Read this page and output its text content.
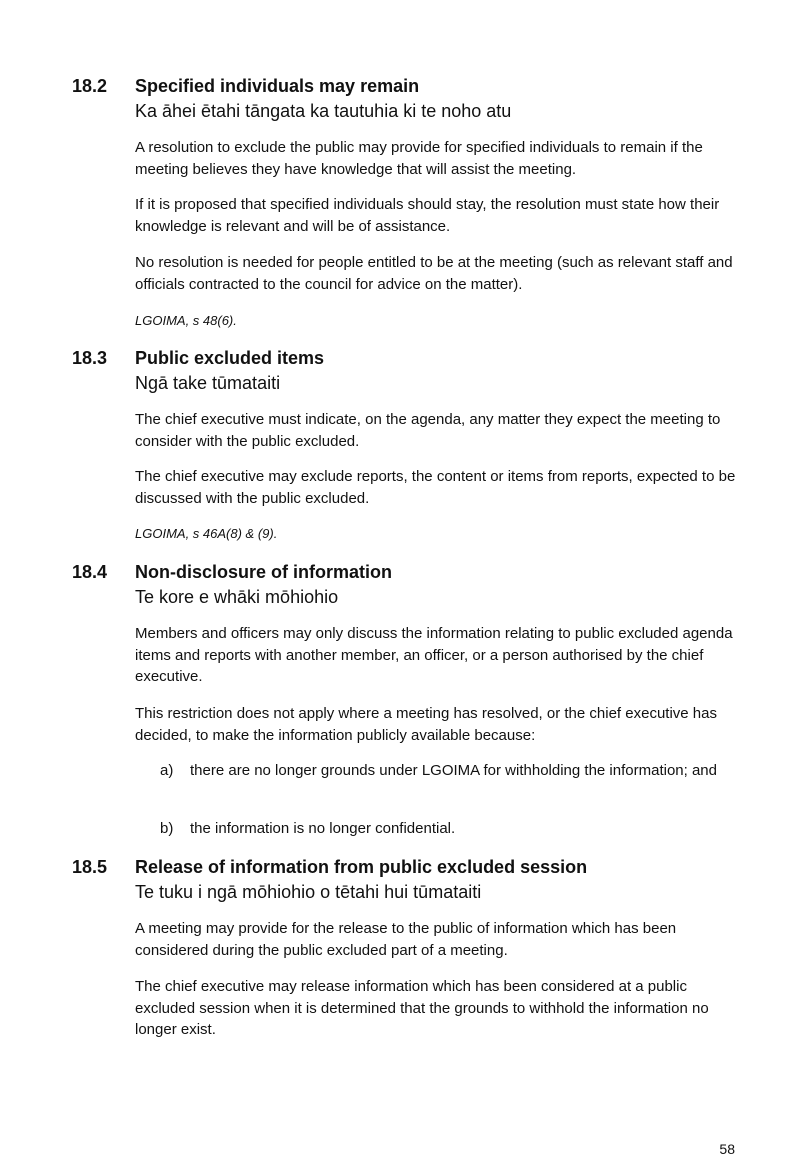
18.2	Specified individuals may remain
Ka āhei ētahi tāngata ka tautuhia ki te noho atu

A resolution to exclude the public may provide for specified individuals to remain if the meeting believes they have knowledge that will assist the meeting.

If it is proposed that specified individuals should stay, the resolution must state how their knowledge is relevant and will be of assistance.

No resolution is needed for people entitled to be at the meeting (such as relevant staff and officials contracted to the council for advice on the matter).

LGOIMA, s 48(6).
18.3	Public excluded items
Ngā take tūmataiti

The chief executive must indicate, on the agenda, any matter they expect the meeting to consider with the public excluded.

The chief executive may exclude reports, the content or items from reports, expected to be discussed with the public excluded.

LGOIMA, s 46A(8) & (9).
18.4	Non-disclosure of information
Te kore e whāki mōhiohio

Members and officers may only discuss the information relating to public excluded agenda items and reports with another member, an officer, or a person authorised by the chief executive.

This restriction does not apply where a meeting has resolved, or the chief executive has decided, to make the information publicly available because:

a)	there are no longer grounds under LGOIMA for withholding the information; and
b)	the information is no longer confidential.
18.5	Release of information from public excluded session
Te tuku i ngā mōhiohio o tētahi hui tūmataiti

A meeting may provide for the release to the public of information which has been considered during the public excluded part of a meeting.

The chief executive may release information which has been considered at a public excluded session when it is determined that the grounds to withhold the information no longer exist.

58
